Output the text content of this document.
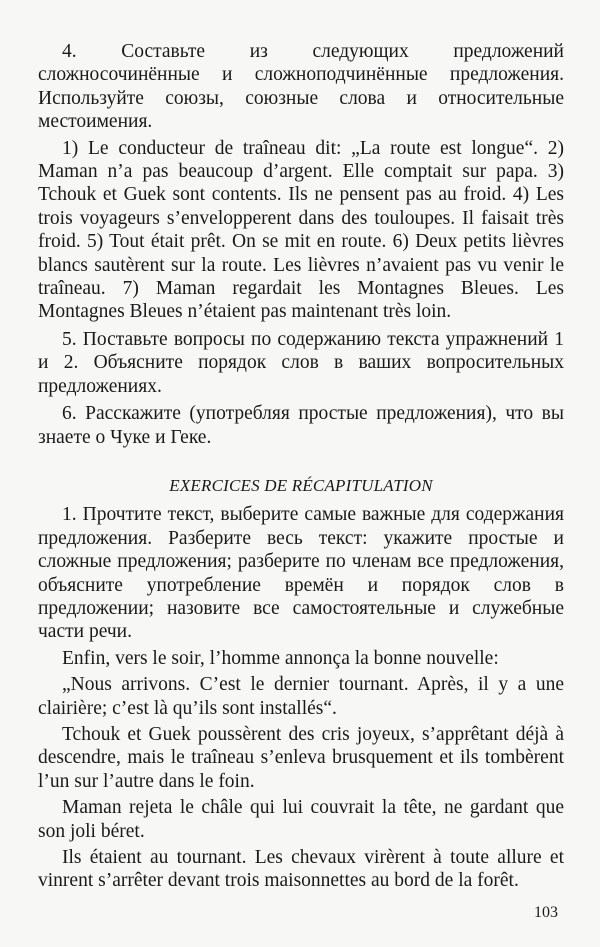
4. Составьте из следующих предложений сложносочинённые и сложноподчинённые предложения. Используйте союзы, союзные слова и относительные местоимения.

1) Le conducteur de traîneau dit: „La route est longue“. 2) Maman n’a pas beaucoup d’argent. Elle comptait sur papa. 3) Tchouk et Guek sont contents. Ils ne pensent pas au froid. 4) Les trois voyageurs s’envelopperent dans des touloupes. Il faisait très froid. 5) Tout était prêt. On se mit en route. 6) Deux petits lièvres blancs sautèrent sur la route. Les lièvres n’avaient pas vu venir le traîneau. 7) Maman regardait les Montagnes Bleues. Les Montagnes Bleues n’étaient pas maintenant très loin.

5. Поставьте вопросы по содержанию текста упражнений 1 и 2. Объясните порядок слов в ваших вопросительных предложениях.

6. Расскажите (употребляя простые предложения), что вы знаете о Чуке и Геке.

EXERCICES DE RÉCAPITULATION

1. Прочтите текст, выберите самые важные для содержания предложения. Разберите весь текст: укажите простые и сложные предложения; разберите по членам все предложения, объясните употребление времён и порядок слов в предложении; назовите все самостоятельные и служебные части речи.

Enfin, vers le soir, l’homme annonça la bonne nouvelle:

„Nous arrivons. C’est le dernier tournant. Après, il y a une clairière; c’est là qu’ils sont installés“.

Tchouk et Guek poussèrent des cris joyeux, s’apprêtant déjà à descendre, mais le traîneau s’enleva brusquement et ils tombèrent l’un sur l’autre dans le foin.

Maman rejeta le châle qui lui couvrait la tête, ne gardant que son joli béret.

Ils étaient au tournant. Les chevaux virèrent à toute allure et vinrent s’arrêter devant trois maisonnettes au bord de la forêt.

103
